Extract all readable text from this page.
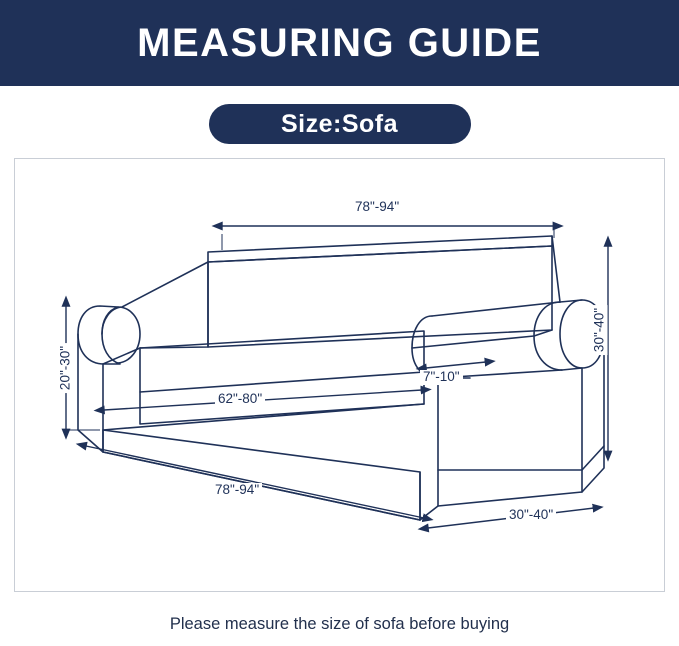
MEASURING GUIDE
Size:Sofa
78"-94"
30"-40"
20"-30"
62"-80"
7"-10"
78"-94"
30"-40"
Please measure the size of sofa before buying
